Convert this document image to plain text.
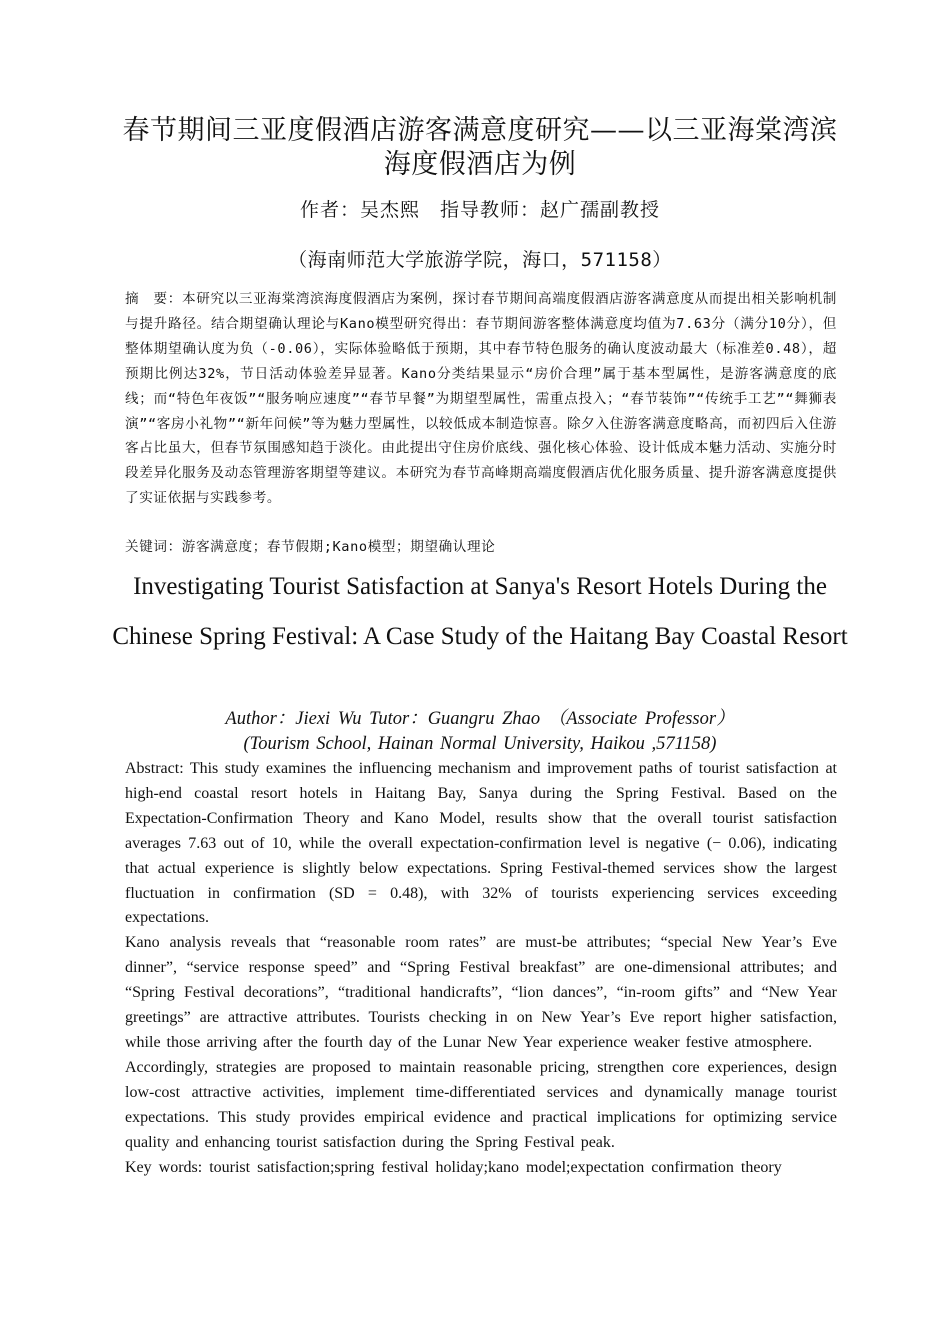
春节期间三亚度假酒店游客满意度研究——以三亚海棠湾滨海度假酒店为例
作者：吴杰熙　指导教师：赵广孺副教授
（海南师范大学旅游学院，海口，571158）
摘　要：本研究以三亚海棠湾滨海度假酒店为案例，探讨春节期间高端度假酒店游客满意度从而提出相关影响机制与提升路径。结合期望确认理论与Kano模型研究得出：春节期间游客整体满意度均值为7.63分（满分10分），但整体期望确认度为负（-0.06），实际体验略低于预期，其中春节特色服务的确认度波动最大（标准差0.48），超预期比例达32%，节日活动体验差异显著。Kano分类结果显示“房价合理”属于基本型属性，是游客满意度的底线；而“特色年夜饭”“服务响应速度”“春节早餐”为期望型属性，需重点投入；“春节装饰”“传统手工艺”“舞狮表演”“客房小礼物”“新年问候”等为魅力型属性，以较低成本制造惊喜。除夕入住游客满意度略高，而初四后入住游客占比虽大，但春节氛围感知趋于淡化。由此提出守住房价底线、强化核心体验、设计低成本魅力活动、实施分时段差异化服务及动态管理游客期望等建议。本研究为春节高峰期高端度假酒店优化服务质量、提升游客满意度提供了实证依据与实践参考。
关键词：游客满意度；春节假期;Kano模型；期望确认理论
Investigating Tourist Satisfaction at Sanya's Resort Hotels During the Chinese Spring Festival: A Case Study of the Haitang Bay Coastal Resort
Author：Jiexi Wu Tutor：Guangru Zhao （Associate Professor）
(Tourism School, Hainan Normal University, Haikou ,571158)

Abstract: This study examines the influencing mechanism and improvement paths of tourist satisfaction at high‑end coastal resort hotels in Haitang Bay, Sanya during the Spring Festival. Based on the Expectation‑Confirmation Theory and Kano Model, results show that the overall tourist satisfaction averages 7.63 out of 10, while the overall expectation‑confirmation level is negative (− 0.06), indicating that actual experience is slightly below expectations. Spring Festival‑themed services show the largest fluctuation in confirmation (SD = 0.48), with 32% of tourists experiencing services exceeding expectations.

Kano analysis reveals that “reasonable room rates” are must‑be attributes; “special New Year’s Eve dinner”, “service response speed” and “Spring Festival breakfast” are one‑dimensional attributes; and “Spring Festival decorations”, “traditional handicrafts”, “lion dances”, “in‑room gifts” and “New Year greetings” are attractive attributes. Tourists checking in on New Year’s Eve report higher satisfaction, while those arriving after the fourth day of the Lunar New Year experience weaker festive atmosphere.

Accordingly, strategies are proposed to maintain reasonable pricing, strengthen core experiences, design low‑cost attractive activities, implement time‑differentiated services and dynamically manage tourist expectations. This study provides empirical evidence and practical implications for optimizing service quality and enhancing tourist satisfaction during the Spring Festival peak.

Key words: tourist satisfaction;spring festival holiday;kano model;expectation confirmation theory
